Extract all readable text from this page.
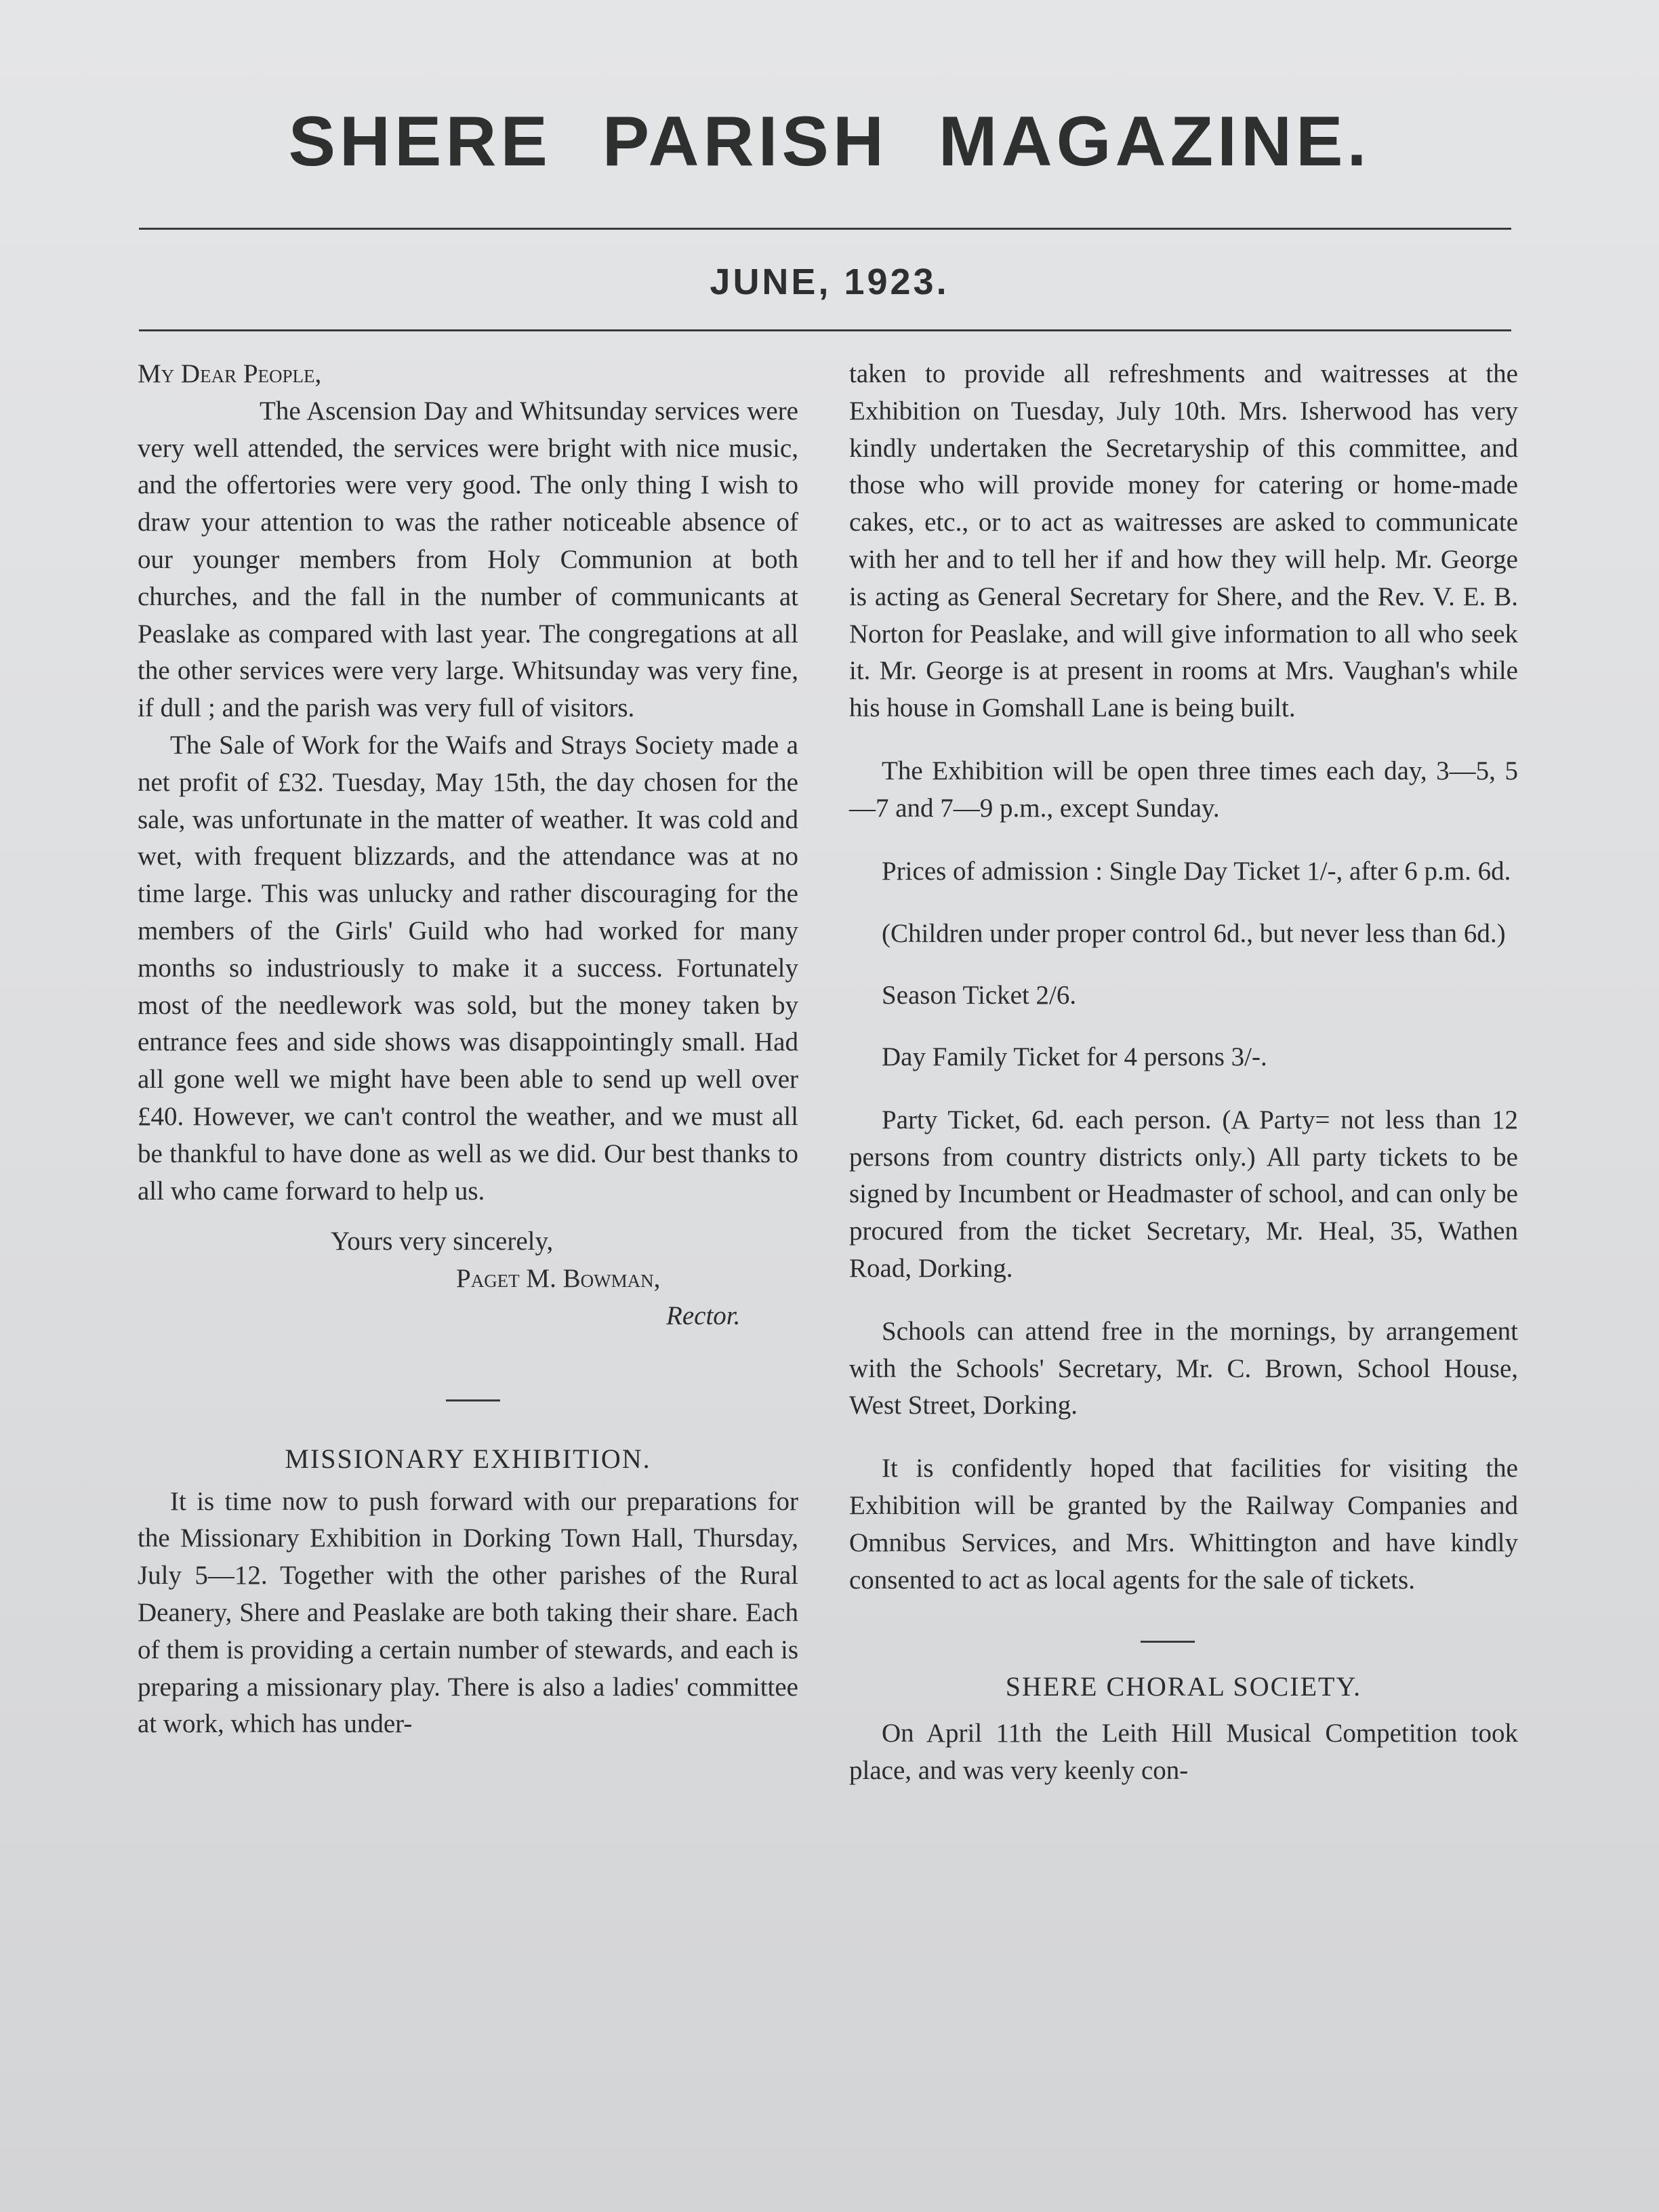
SHERE PARISH MAGAZINE.
JUNE, 1923.

My Dear People,

The Ascension Day and Whitsunday services were very well attended, the services were bright with nice music, and the offertories were very good. The only thing I wish to draw your attention to was the rather noticeable absence of our younger members from Holy Communion at both churches, and the fall in the number of communicants at Peaslake as compared with last year. The congregations at all the other services were very large. Whitsunday was very fine, if dull ; and the parish was very full of visitors.

The Sale of Work for the Waifs and Strays Society made a net profit of £32. Tuesday, May 15th, the day chosen for the sale, was unfortunate in the matter of weather. It was cold and wet, with frequent blizzards, and the attendance was at no time large. This was unlucky and rather discouraging for the members of the Girls' Guild who had worked for many months so industriously to make it a success. Fortunately most of the needlework was sold, but the money taken by entrance fees and side shows was disappointingly small. Had all gone well we might have been able to send up well over £40. However, we can't control the weather, and we must all be thankful to have done as well as we did. Our best thanks to all who came forward to help us.

Yours very sincerely,

Paget M. Bowman,

Rector.

MISSIONARY EXHIBITION.

It is time now to push forward with our preparations for the Missionary Exhibition in Dorking Town Hall, Thursday, July 5—12. Together with the other parishes of the Rural Deanery, Shere and Peaslake are both taking their share. Each of them is providing a certain number of stewards, and each is preparing a missionary play. There is also a ladies' committee at work, which has under-

taken to provide all refreshments and waitresses at the Exhibition on Tuesday, July 10th. Mrs. Isherwood has very kindly undertaken the Secretaryship of this committee, and those who will provide money for catering or home-made cakes, etc., or to act as waitresses are asked to communicate with her and to tell her if and how they will help. Mr. George is acting as General Secretary for Shere, and the Rev. V. E. B. Norton for Peaslake, and will give information to all who seek it. Mr. George is at present in rooms at Mrs. Vaughan's while his house in Gomshall Lane is being built.

The Exhibition will be open three times each day, 3—5, 5—7 and 7—9 p.m., except Sunday.

Prices of admission : Single Day Ticket 1/-, after 6 p.m. 6d.

(Children under proper control 6d., but never less than 6d.)

Season Ticket 2/6.

Day Family Ticket for 4 persons 3/-.

Party Ticket, 6d. each person. (A Party= not less than 12 persons from country districts only.) All party tickets to be signed by Incumbent or Headmaster of school, and can only be procured from the ticket Secretary, Mr. Heal, 35, Wathen Road, Dorking.

Schools can attend free in the mornings, by arrangement with the Schools' Secretary, Mr. C. Brown, School House, West Street, Dorking.

It is confidently hoped that facilities for visiting the Exhibition will be granted by the Railway Companies and Omnibus Services, and Mrs. Whittington and have kindly consented to act as local agents for the sale of tickets.

SHERE CHORAL SOCIETY.

On April 11th the Leith Hill Musical Competition took place, and was very keenly con-
